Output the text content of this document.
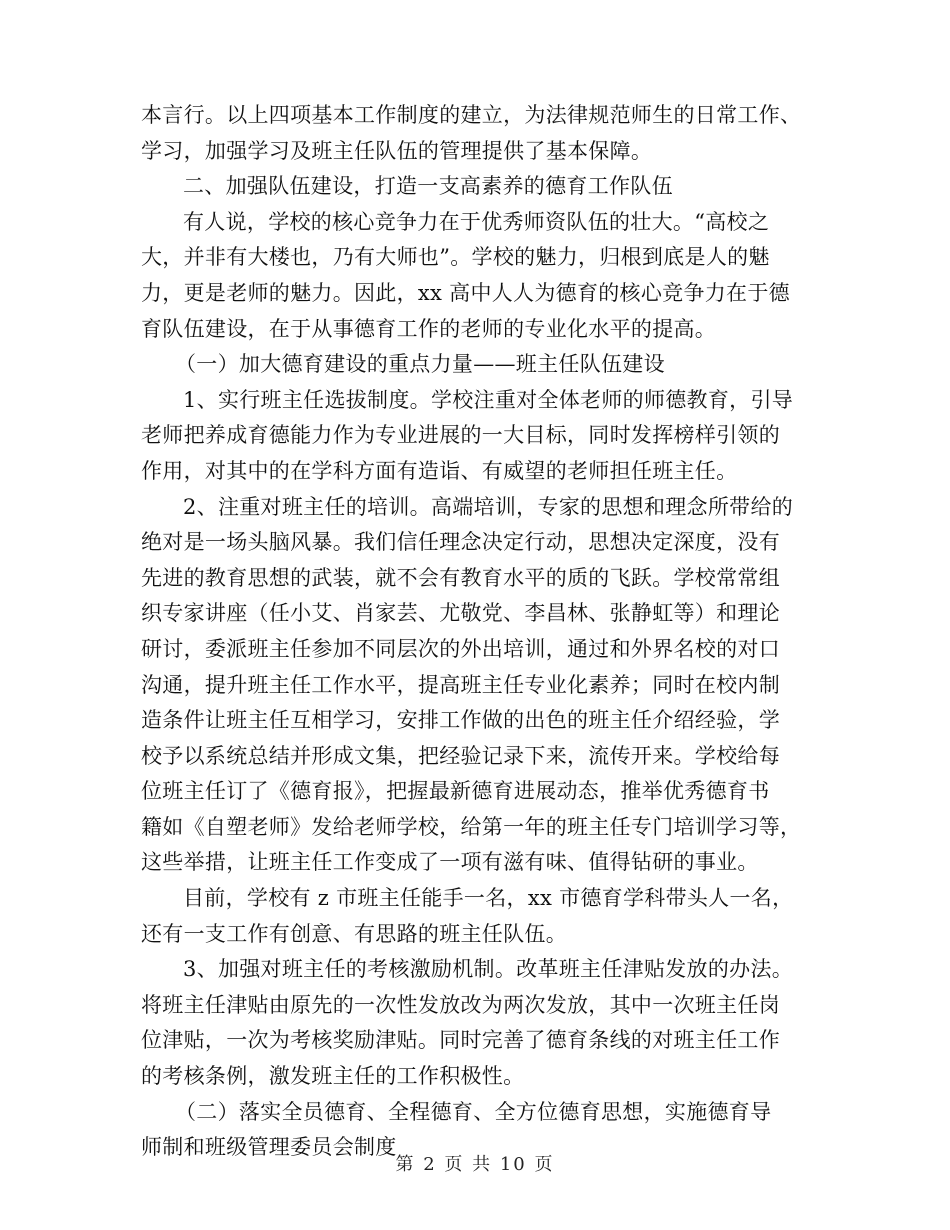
本言行。以上四项基本工作制度的建立，为法律规范师生的日常工作、
学习，加强学习及班主任队伍的管理提供了基本保障。
二、加强队伍建设，打造一支高素养的德育工作队伍
有人说，学校的核心竞争力在于优秀师资队伍的壮大。“高校之
大，并非有大楼也，乃有大师也”。学校的魅力，归根到底是人的魅
力，更是老师的魅力。因此，xx 高中人人为德育的核心竞争力在于德
育队伍建设，在于从事德育工作的老师的专业化水平的提高。
（一）加大德育建设的重点力量——班主任队伍建设
1、实行班主任选拔制度。学校注重对全体老师的师德教育，引导
老师把养成育德能力作为专业进展的一大目标，同时发挥榜样引领的
作用，对其中的在学科方面有造诣、有威望的老师担任班主任。
2、注重对班主任的培训。高端培训，专家的思想和理念所带给的
绝对是一场头脑风暴。我们信任理念决定行动，思想决定深度，没有
先进的教育思想的武装，就不会有教育水平的质的飞跃。学校常常组
织专家讲座（任小艾、肖家芸、尤敬党、李昌林、张静虹等）和理论
研讨，委派班主任参加不同层次的外出培训，通过和外界名校的对口
沟通，提升班主任工作水平，提高班主任专业化素养；同时在校内制
造条件让班主任互相学习，安排工作做的出色的班主任介绍经验，学
校予以系统总结并形成文集，把经验记录下来，流传开来。学校给每
位班主任订了《德育报》，把握最新德育进展动态，推举优秀德育书
籍如《自塑老师》发给老师学校，给第一年的班主任专门培训学习等，
这些举措，让班主任工作变成了一项有滋有味、值得钻研的事业。
目前，学校有 z 市班主任能手一名，xx 市德育学科带头人一名，
还有一支工作有创意、有思路的班主任队伍。
3、加强对班主任的考核激励机制。改革班主任津贴发放的办法。
将班主任津贴由原先的一次性发放改为两次发放，其中一次班主任岗
位津贴，一次为考核奖励津贴。同时完善了德育条线的对班主任工作
的考核条例，激发班主任的工作积极性。
（二）落实全员德育、全程德育、全方位德育思想，实施德育导
师制和班级管理委员会制度
第 2 页 共 10 页
